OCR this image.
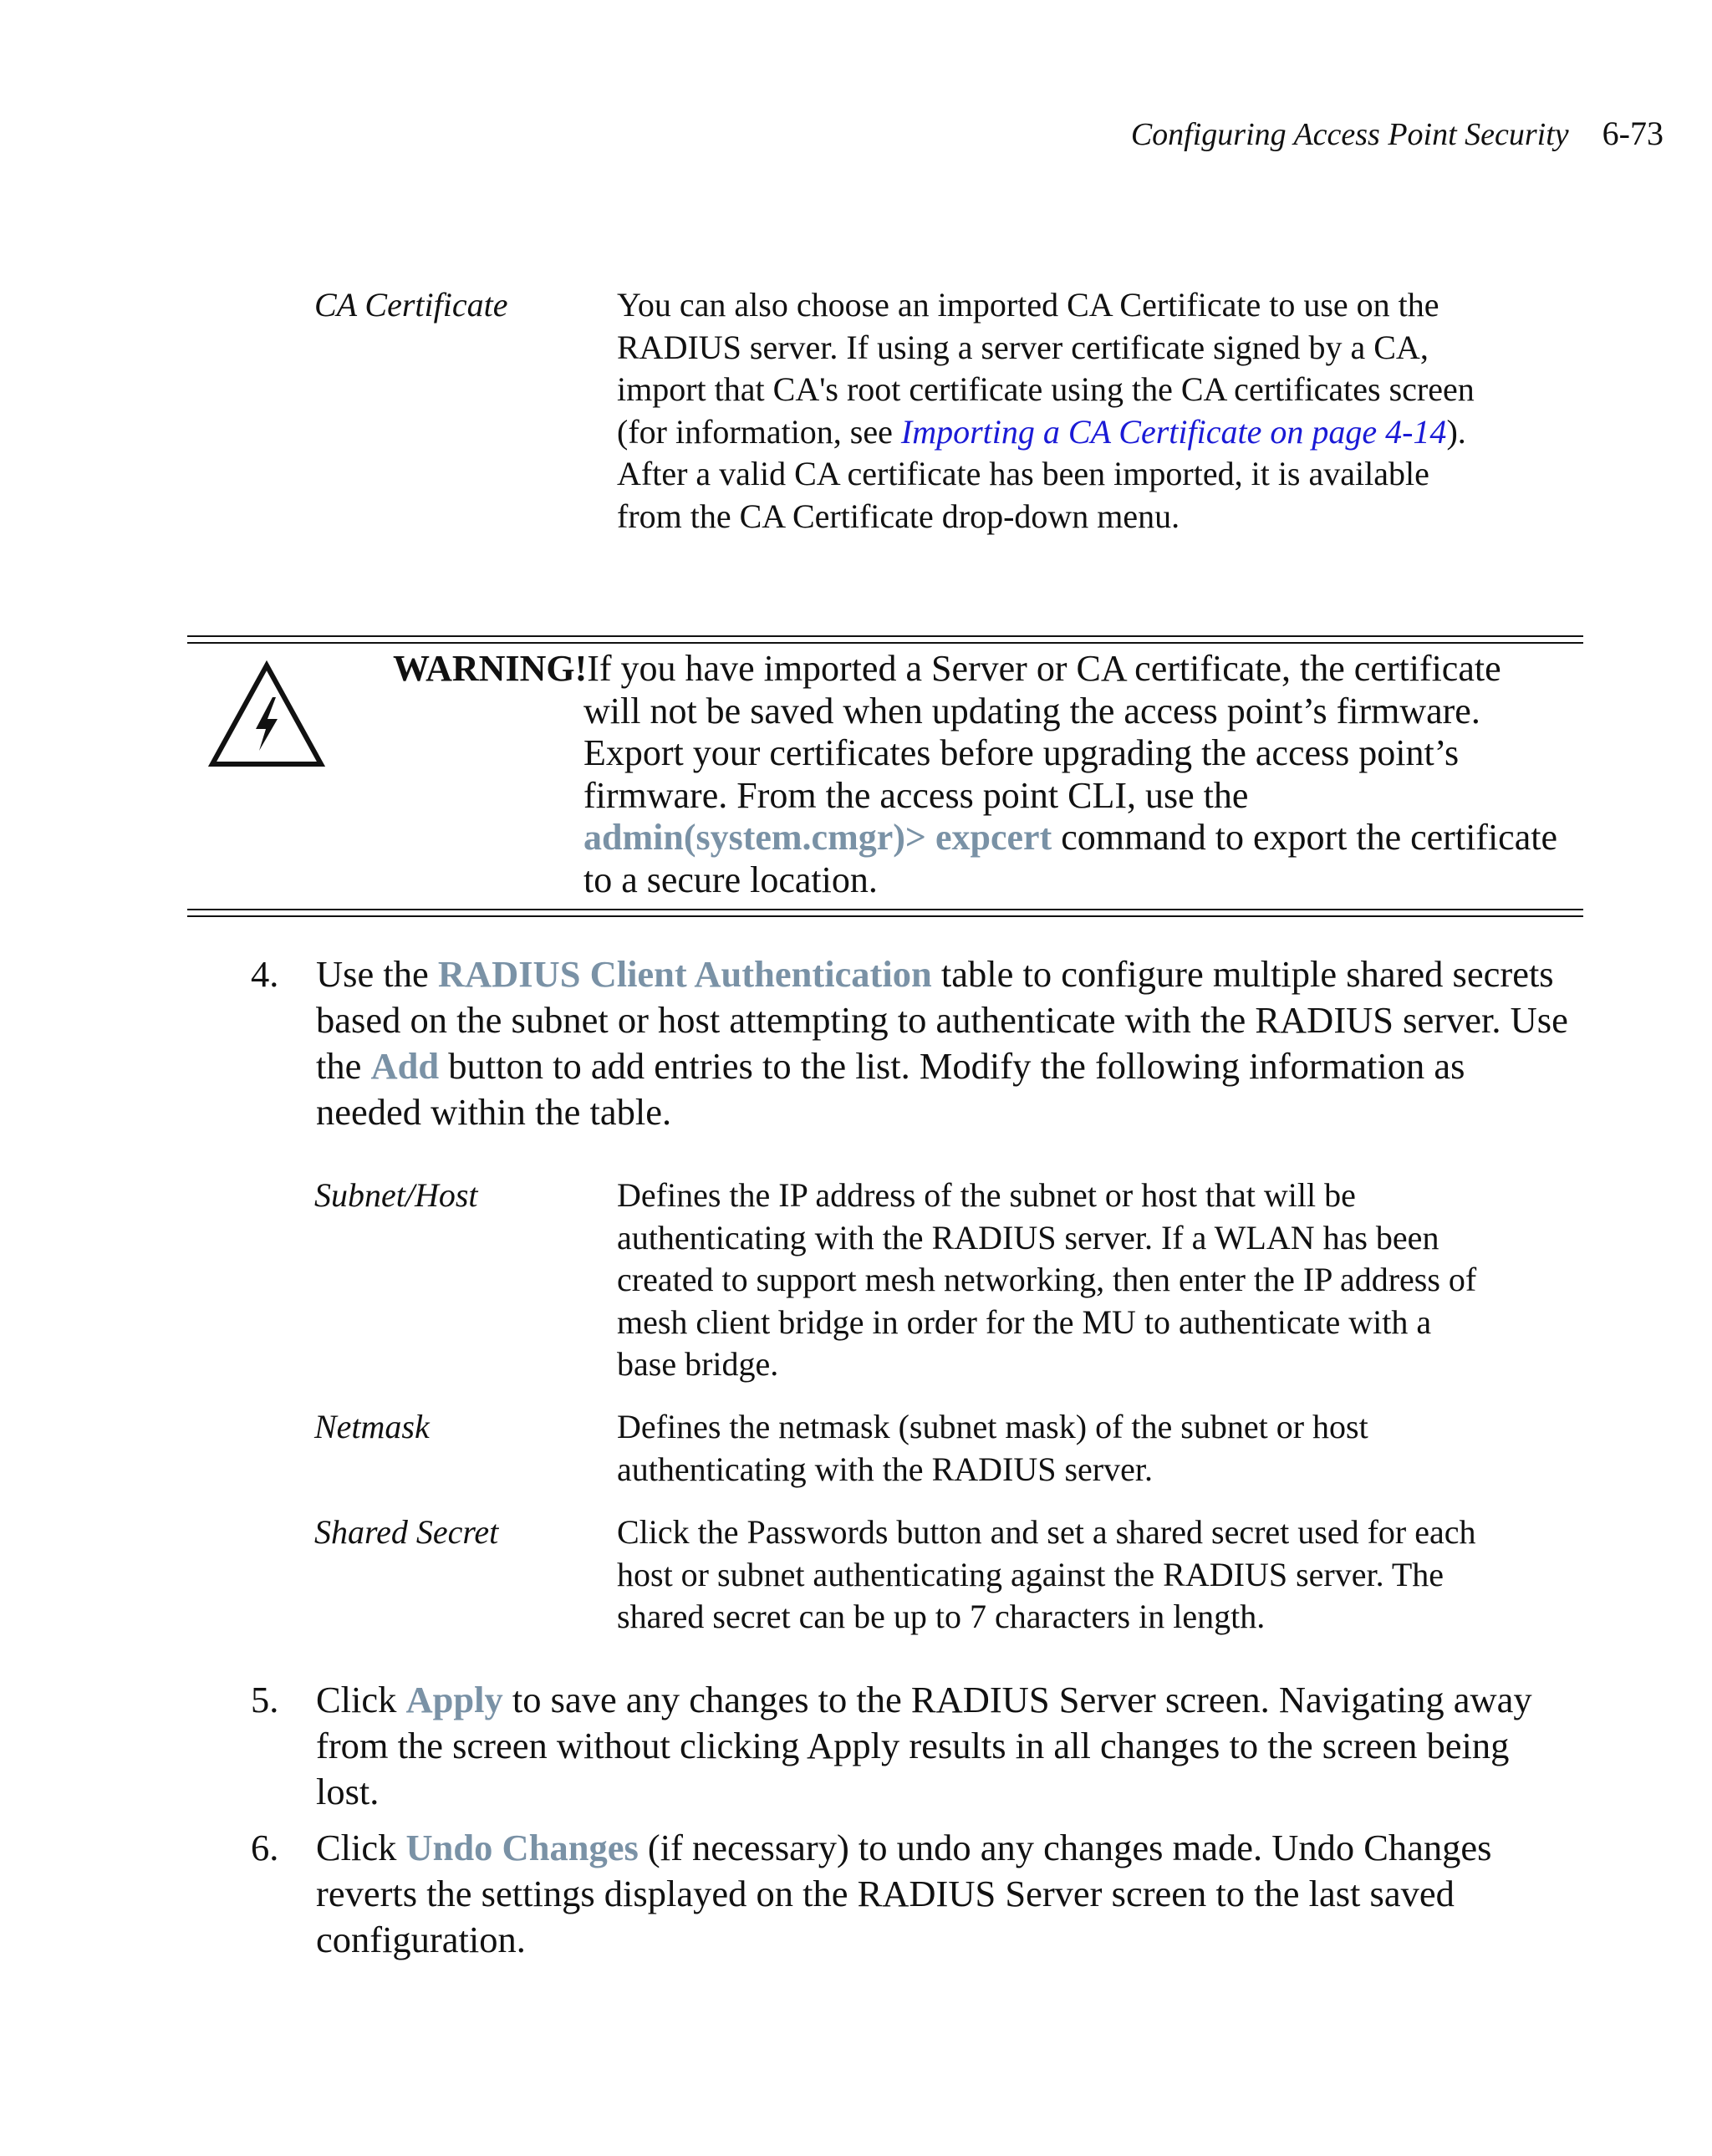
Configuring Access Point Security 6-73
CA Certificate	You can also choose an imported CA Certificate to use on the RADIUS server. If using a server certificate signed by a CA, import that CA's root certificate using the CA certificates screen (for information, see Importing a CA Certificate on page 4-14). After a valid CA certificate has been imported, it is available from the CA Certificate drop-down menu.
WARNING!If you have imported a Server or CA certificate, the certificate
will not be saved when updating the access point’s firmware. Export your certificates before upgrading the access point’s firmware. From the access point CLI, use the admin(system.cmgr)> expcert command to export the certificate to a secure location.
4.	Use the RADIUS Client Authentication table to configure multiple shared secrets based on the subnet or host attempting to authenticate with the RADIUS server. Use the Add button to add entries to the list. Modify the following information as needed within the table.
Subnet/Host	Defines the IP address of the subnet or host that will be authenticating with the RADIUS server. If a WLAN has been created to support mesh networking, then enter the IP address of mesh client bridge in order for the MU to authenticate with a base bridge.
Netmask	Defines the netmask (subnet mask) of the subnet or host authenticating with the RADIUS server.
Shared Secret	Click the Passwords button and set a shared secret used for each host or subnet authenticating against the RADIUS server. The shared secret can be up to 7 characters in length.
5.	Click Apply to save any changes to the RADIUS Server screen. Navigating away from the screen without clicking Apply results in all changes to the screen being lost.
6.	Click Undo Changes (if necessary) to undo any changes made. Undo Changes reverts the settings displayed on the RADIUS Server screen to the last saved configuration.
